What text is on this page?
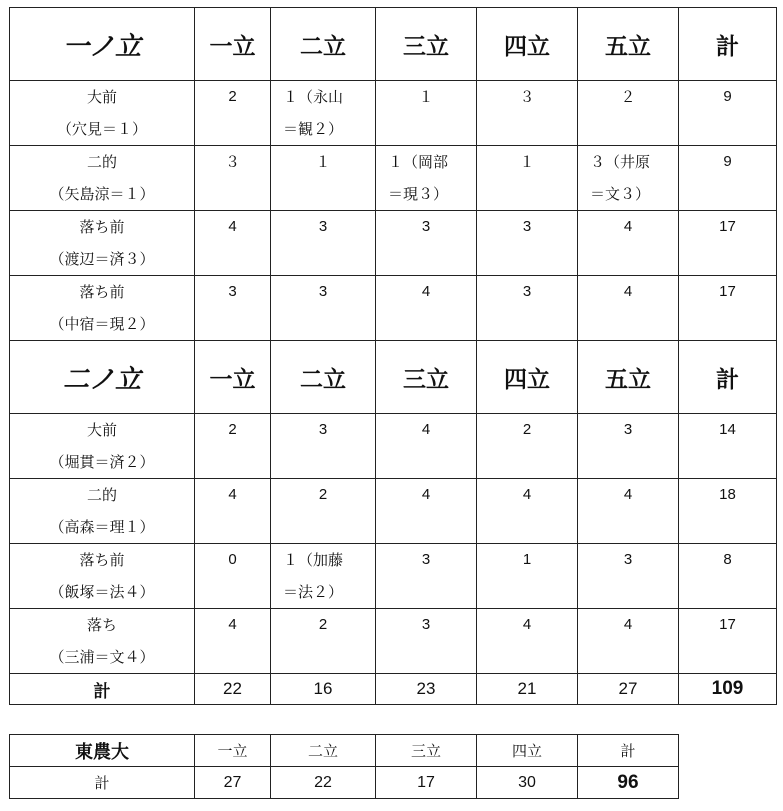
一ノ立	一立	二立	三立	四立	五立	計

大前
（穴見＝１）	2	１（永山
＝観２）	１	３	２	9

二的
（矢島涼＝１）	３	１	１（岡部
＝現３）	１	３（井原
＝文３）	9

落ち前
（渡辺＝済３）	4	3	3	3	4	17

落ち前
（中宿＝現２）	3	3	4	3	4	17

二ノ立	一立	二立	三立	四立	五立	計

大前
（堀貫＝済２）	2	3	4	2	3	14

二的
（高森＝理１）	4	2	4	4	4	18

落ち前
（飯塚＝法４）	0	１（加藤
＝法２）	3	1	3	8

落ち
（三浦＝文４）	4	2	3	4	4	17

計	22	16	23	21	27	109
東農大	一立	二立	三立	四立	計
計	27	22	17	30	96
